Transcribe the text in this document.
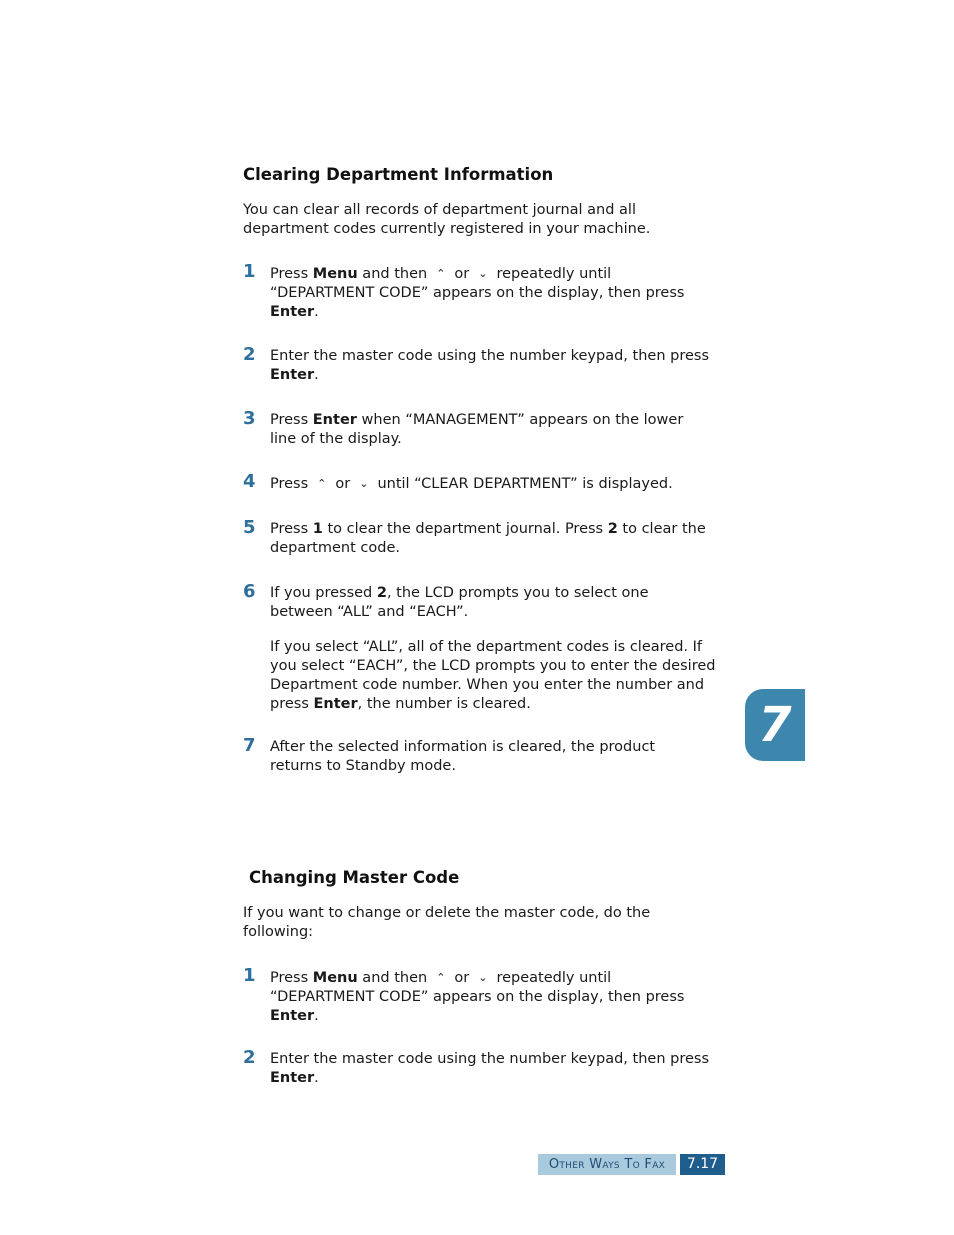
Clearing Department Information

You can clear all records of department journal and all department codes currently registered in your machine.

1 Press Menu and then ⌃ or ⌄ repeatedly until “DEPARTMENT CODE” appears on the display, then press Enter.
2 Enter the master code using the number keypad, then press Enter.
3 Press Enter when “MANAGEMENT” appears on the lower line of the display.
4 Press ⌃ or ⌄ until “CLEAR DEPARTMENT” is displayed.
5 Press 1 to clear the department journal. Press 2 to clear the department code.
6 If you pressed 2, the LCD prompts you to select one between “ALL” and “EACH”.
If you select “ALL”, all of the department codes is cleared. If you select “EACH”, the LCD prompts you to enter the desired Department code number. When you enter the number and press Enter, the number is cleared.
7 After the selected information is cleared, the product returns to Standby mode.
Changing Master Code

If you want to change or delete the master code, do the following:

1 Press Menu and then ⌃ or ⌄ repeatedly until “DEPARTMENT CODE” appears on the display, then press Enter.
2 Enter the master code using the number keypad, then press Enter.
7
Other Ways To Fax	7.17
